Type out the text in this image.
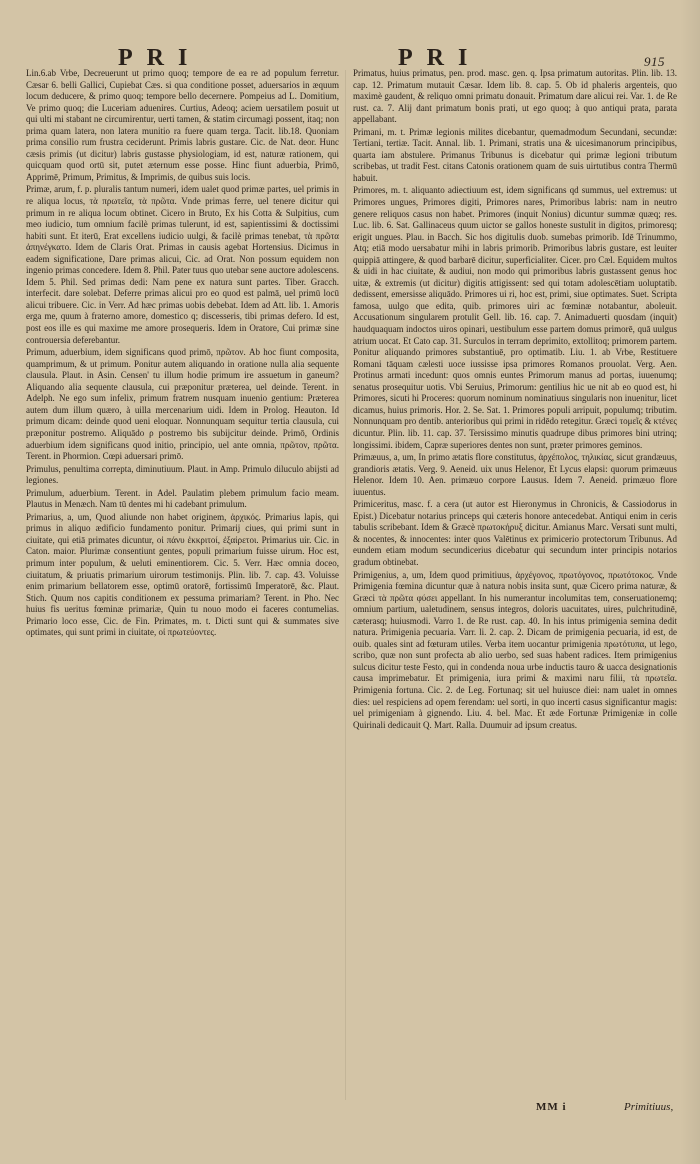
PRI	PRI	915

Lin.6.ab Vrbe, Decreuerunt ut primo quoq; tempore de ea re ad populum ferretur. Cæsar 6. belli Gallici, Cupiebat Cæs. si qua conditione posset, aduersarios in æquum locum deducere, & primo quoq; tempore bello decernere. Pompeius ad L. Domitium, Ve primo quoq; die Luceriam aduenires. Curtius, Adeoq; aciem uersatilem posuit ut qui ulti mi stabant ne circumirentur, uerti tamen, & statim circumagi possent, itaq; non prima quam latera, non latera munitio ra fuere quam terga. Tacit. lib.18. Quoniam prima consilio rum frustra ceciderunt. Primis labris gustare. Cic. de Nat. deor. Hunc cæsis primis (ut dicitur) labris gustasse physiologiam, id est, naturæ rationem, qui quicquam quod ortū sit, putet æternum esse posse. Hinc fiunt aduerbia, Primō, Apprimē, Primum, Primitus, & Imprimis, de quibus suis locis.

Primæ, arum, f. p. pluralis tantum numeri, idem ualet quod primæ partes, uel primis in re aliqua locus, τὰ πρωτεῖα, τὰ πρῶτα. Vnde primas ferre, uel tenere dicitur qui primum in re aliqua locum obtinet. Cicero in Bruto, Ex his Cotta & Sulpitius, cum meo iudicio, tum omnium facilè primas tulerunt, id est, sapientissimi & doctissimi habiti sunt. Et iterū, Erat excellens iudicio uulgi, & facilè primas tenebat, τὰ πρῶτα ἀπηνέγκατο. Idem de Claris Orat. Primas in causis agebat Hortensius. Dicimus in eadem significatione, Dare primas alicui, Cic. ad Orat. Non possum equidem non ingenio primas concedere. Idem 8. Phil. Pater tuus quo utebar sene auctore adolescens. Idem 5. Phil. Sed primas dedi: Nam pene ex natura sunt partes. Tiber. Gracch. interfecit. dare solebat. Deferre primas alicui pro eo quod est palmā, uel primū locū alicui tribuere. Cic. in Verr. Ad hæc primas uobis debebat. Idem ad Att. lib. 1. Amoris erga me, quum à fraterno amore, domestico q; discesseris, tibi primas defero. Id est, post eos ille es qui maxime me amore prosequeris. Idem in Oratore, Cui primæ sine controuersia deferebantur.

Primum, aduerbium, idem significans quod primō, πρῶτον. Ab hoc fiunt composita, quamprimum, & ut primum. Ponitur autem aliquando in oratione nulla alia sequente clausula. Plaut. in Asin. Censen' tu illum hodie primum ire assuetum in ganeum? Aliquando alia sequente clausula, cui præponitur præterea, uel deinde. Terent. in Adelph. Ne ego sum infelix, primum fratrem nusquam inuenio gentium: Præterea autem dum illum quæro, à uilla mercenarium uidi. Idem in Prolog. Heauton. Id primum dicam: deinde quod ueni eloquar. Nonnunquam sequitur tertia clausula, cui præponitur postremo. Aliquādo ρ postremo bis subijcitur deinde. Primō, Ordinis aduerbium idem significans quod initio, principio, uel ante omnia, πρῶτον, πρῶτα. Terent. in Phormion. Cœpi aduersari primō.

Primulus, penultima correpta, diminutiuum. Plaut. in Amp. Primulo diluculo abijsti ad legiones.

Primulum, aduerbium. Terent. in Adel. Paulatim plebem primulum facio meam. Plautus in Menæch. Nam tū dentes mi hi cadebant primulum.

Primarius, a, um, Quod aliunde non habet originem, ἀρχικός. Primarius lapis, qui primus in aliquo ædificio fundamento ponitur. Primarij ciues, qui primi sunt in ciuitate, qui etiā primates dicuntur, οἱ πάνυ ἐκκριτοί, ἐξαίρετοι. Primarius uir. Cic. in Caton. maior. Plurimæ consentiunt gentes, populi primarium fuisse uirum. Hoc est, primum inter populum, & ueluti eminentiorem. Cic. 5. Verr. Hæc omnia doceo, ciuitatum, & priuatis primarium uirorum testimonijs. Plin. lib. 7. cap. 43. Voluisse enim primarium bellatorem esse, optimū oratorē, fortissimū Imperatorē, &c. Plaut. Stich. Quum nos capitis conditionem ex pessuma primariam? Terent. in Pho. Nec huius fis ueritus fœminæ primariæ, Quin tu nouo modo ei faceres contumelias. Primario loco esse, Cic. de Fin. Primates, m. t. Dicti sunt qui & summates sive optimates, qui sunt primi in ciuitate, οἱ πρωτεύοντες.

Primatus, huius primatus, pen. prod. masc. gen. q. Ipsa primatum autoritas. Plin. lib. 13. cap. 12. Primatum mutauit Cæsar. Idem lib. 8. cap. 5. Ob id phaleris argenteis, quo maximè gaudent, & reliquo omni primatu donauit. Primatum dare alicui rei. Var. 1. de Re rust. ca. 7. Alij dant primatum bonis prati, ut ego quoq; à quo antiqui prata, parata appellabant.

Primani, m. t. Primæ legionis milites dicebantur, quemadmodum Secundani, secundæ: Tertiani, tertiæ. Tacit. Annal. lib. 1. Primani, stratis una & uicesimanorum principibus, quarta iam abstulere. Primanus Tribunus is dicebatur qui primæ legioni tributum scribebas, ut tradit Fest. citans Catonis orationem quam de suis uirtutibus contra Thermū habuit.

Primores, m. t. aliquanto adiectiuum est, idem significans qd summus, uel extremus: ut Primores ungues, Primores digiti, Primores nares, Primoribus labris: nam in neutro genere reliquos casus non habet. Primores (inquit Nonius) dicuntur summæ quæq; res. Luc. lib. 6. Sat. Gallinaceus quum uictor se gallos honeste sustulit in digitos, primoresq; erigit ungues. Plau. in Bacch. Sic hos digitulis duob. sumebas primorib. Idē Trinummo, Atq; etiā modo uersabatur mihi in labris primorib. Primoribus labris gustare, est leuiter quippiā attingere, & quod barbarē dicitur, superficialiter. Cicer. pro Cæl. Equidem multos & uidi in hac ciuitate, & audiui, non modo qui primoribus labris gustassent genus hoc uitæ, & extremis (ut dicitur) digitis attigissent: sed qui totam adolescētiam uoluptatib. dedissent, emersisse aliquādo. Primores ui ri, hoc est, primi, siue optimates. Suet. Scripta famosa, uulgo que edita, quib. primores uiri ac fœminæ notabantur, aboleuit. Accusationum singularem protulit Gell. lib. 16. cap. 7. Animaduerti quosdam (inquit) haudquaquam indoctos uiros opinari, uestibulum esse partem domus primorē, quā uulgus atrium uocat. Et Cato cap. 31. Surculos in terram deprimito, extollitoq; primorem partem. Ponitur aliquando primores substantiuē, pro optimatib. Liu. 1. ab Vrbe, Restituere Romani tāquam cælesti uoce iussisse ipsa primores Romanos prouolat. Verg. Aen. Protinus armati incedunt: quos omnis euntes Primorum manus ad portas, iuuenumq; senatus prosequitur uotis. Vbi Seruius, Primorum: gentilius hic ue nit ab eo quod est, hi Primores, sicuti hi Proceres: quorum nominum nominatiuus singularis non inuenitur, licet dicamus, huius primoris. Hor. 2. Se. Sat. 1. Primores populi arripuit, populumq; tributim. Nonnunquam pro dentib. anterioribus qui primi in ridēdo retegitur. Græci τομεῖς & κτένες dicuntur. Plin. lib. 11. cap. 37. Tersissimo minutis quadrupe dibus primores bini utrinq; longissimi. ibidem, Capræ superiores dentes non sunt, præter primores geminos.

Primæuus, a, um, In primo ætatis flore constitutus, ἀρχέπολος, τηλικίας, sicut grandæuus, grandioris ætatis. Verg. 9. Aeneid. uix unus Helenor, Et Lycus elapsi: quorum primæuus Helenor. Idem 10. Aen. primæuo corpore Lausus. Idem 7. Aeneid. primæuo flore iuuentus.

Primiceritus, masc. f. a cera (ut autor est Hieronymus in Chronicis, & Cassiodorus in Epist.) Dicebatur notarius princeps qui cæteris honore antecedebat. Antiqui enim in ceris tabulis scribebant. Idem & Græcè πρωτοκήρυξ dicitur. Amianus Marc. Versati sunt multi, & nocentes, & innocentes: inter quos Valētinus ex primicerio protectorum Tribunus. Ad eundem etiam modum secundicerius dicebatur qui secundum inter principis notarios gradum obtinebat.

Primigenius, a, um, Idem quod primitiuus, ἀρχέγονος, πρωτόγονος, πρωτότοκος. Vnde Primigenia fœmina dicuntur quæ à natura nobis insita sunt, quæ Cicero prima naturæ, & Græci τὰ πρῶτα φύσει appellant. In his numerantur incolumitas tem, conseruationemq; omnium partium, ualetudinem, sensus integros, doloris uacuitates, uires, pulchritudinē, cæterasq; huiusmodi. Varro 1. de Re rust. cap. 40. In his intus primigenia semina dedit natura. Primigenia pecuaria. Varr. li. 2. cap. 2. Dicam de primigenia pecuaria, id est, de ouib. quales sint ad fœturam utiles. Verba item uocantur primigenia πρωτότυπα, ut lego, scribo, quæ non sunt profecta ab alio uerbo, sed suas habent radices. Item primigenius sulcus dicitur teste Festo, qui in condenda noua urbe inductis tauro & uacca designationis causa imprimebatur. Et primigenia, iura primi & maximi naru filii, τὰ πρωτεῖα. Primigenia fortuna. Cic. 2. de Leg. Fortunaq; sit uel huiusce diei: nam ualet in omnes dies: uel respiciens ad opem ferendam: uel sorti, in quo incerti casus significantur magis: uel primigeniam à gignendo. Liu. 4. bel. Mac. Et æde Fortunæ Primigeniæ in colle Quirinali dedicauit Q. Mart. Ralla. Duumuir ad ipsum creatus.

MM i	Primitiuus,
